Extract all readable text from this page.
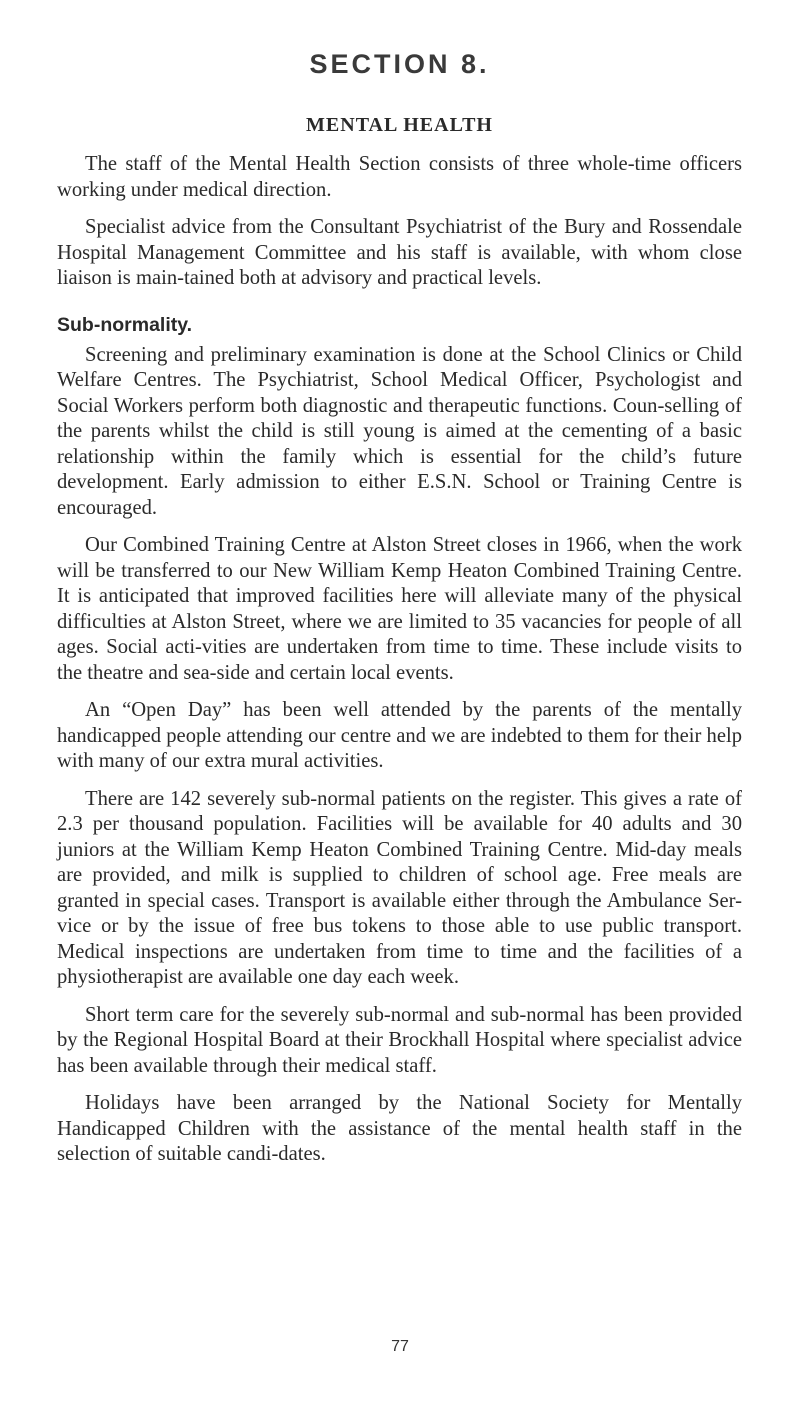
SECTION 8.
MENTAL HEALTH

The staff of the Mental Health Section consists of three whole-time officers working under medical direction.

Specialist advice from the Consultant Psychiatrist of the Bury and Rossendale Hospital Management Committee and his staff is available, with whom close liaison is main-tained both at advisory and practical levels.

Sub-normality.

Screening and preliminary examination is done at the School Clinics or Child Welfare Centres. The Psychiatrist, School Medical Officer, Psychologist and Social Workers perform both diagnostic and therapeutic functions. Coun-selling of the parents whilst the child is still young is aimed at the cementing of a basic relationship within the family which is essential for the child’s future development. Early admission to either E.S.N. School or Training Centre is encouraged.

Our Combined Training Centre at Alston Street closes in 1966, when the work will be transferred to our New William Kemp Heaton Combined Training Centre. It is anticipated that improved facilities here will alleviate many of the physical difficulties at Alston Street, where we are limited to 35 vacancies for people of all ages. Social acti-vities are undertaken from time to time. These include visits to the theatre and sea-side and certain local events.

An “Open Day” has been well attended by the parents of the mentally handicapped people attending our centre and we are indebted to them for their help with many of our extra mural activities.

There are 142 severely sub-normal patients on the register. This gives a rate of 2.3 per thousand population. Facilities will be available for 40 adults and 30 juniors at the William Kemp Heaton Combined Training Centre. Mid-day meals are provided, and milk is supplied to children of school age. Free meals are granted in special cases. Transport is available either through the Ambulance Ser-vice or by the issue of free bus tokens to those able to use public transport. Medical inspections are undertaken from time to time and the facilities of a physiotherapist are available one day each week.

Short term care for the severely sub-normal and sub-normal has been provided by the Regional Hospital Board at their Brockhall Hospital where specialist advice has been available through their medical staff.

Holidays have been arranged by the National Society for Mentally Handicapped Children with the assistance of the mental health staff in the selection of suitable candi-dates.

77
